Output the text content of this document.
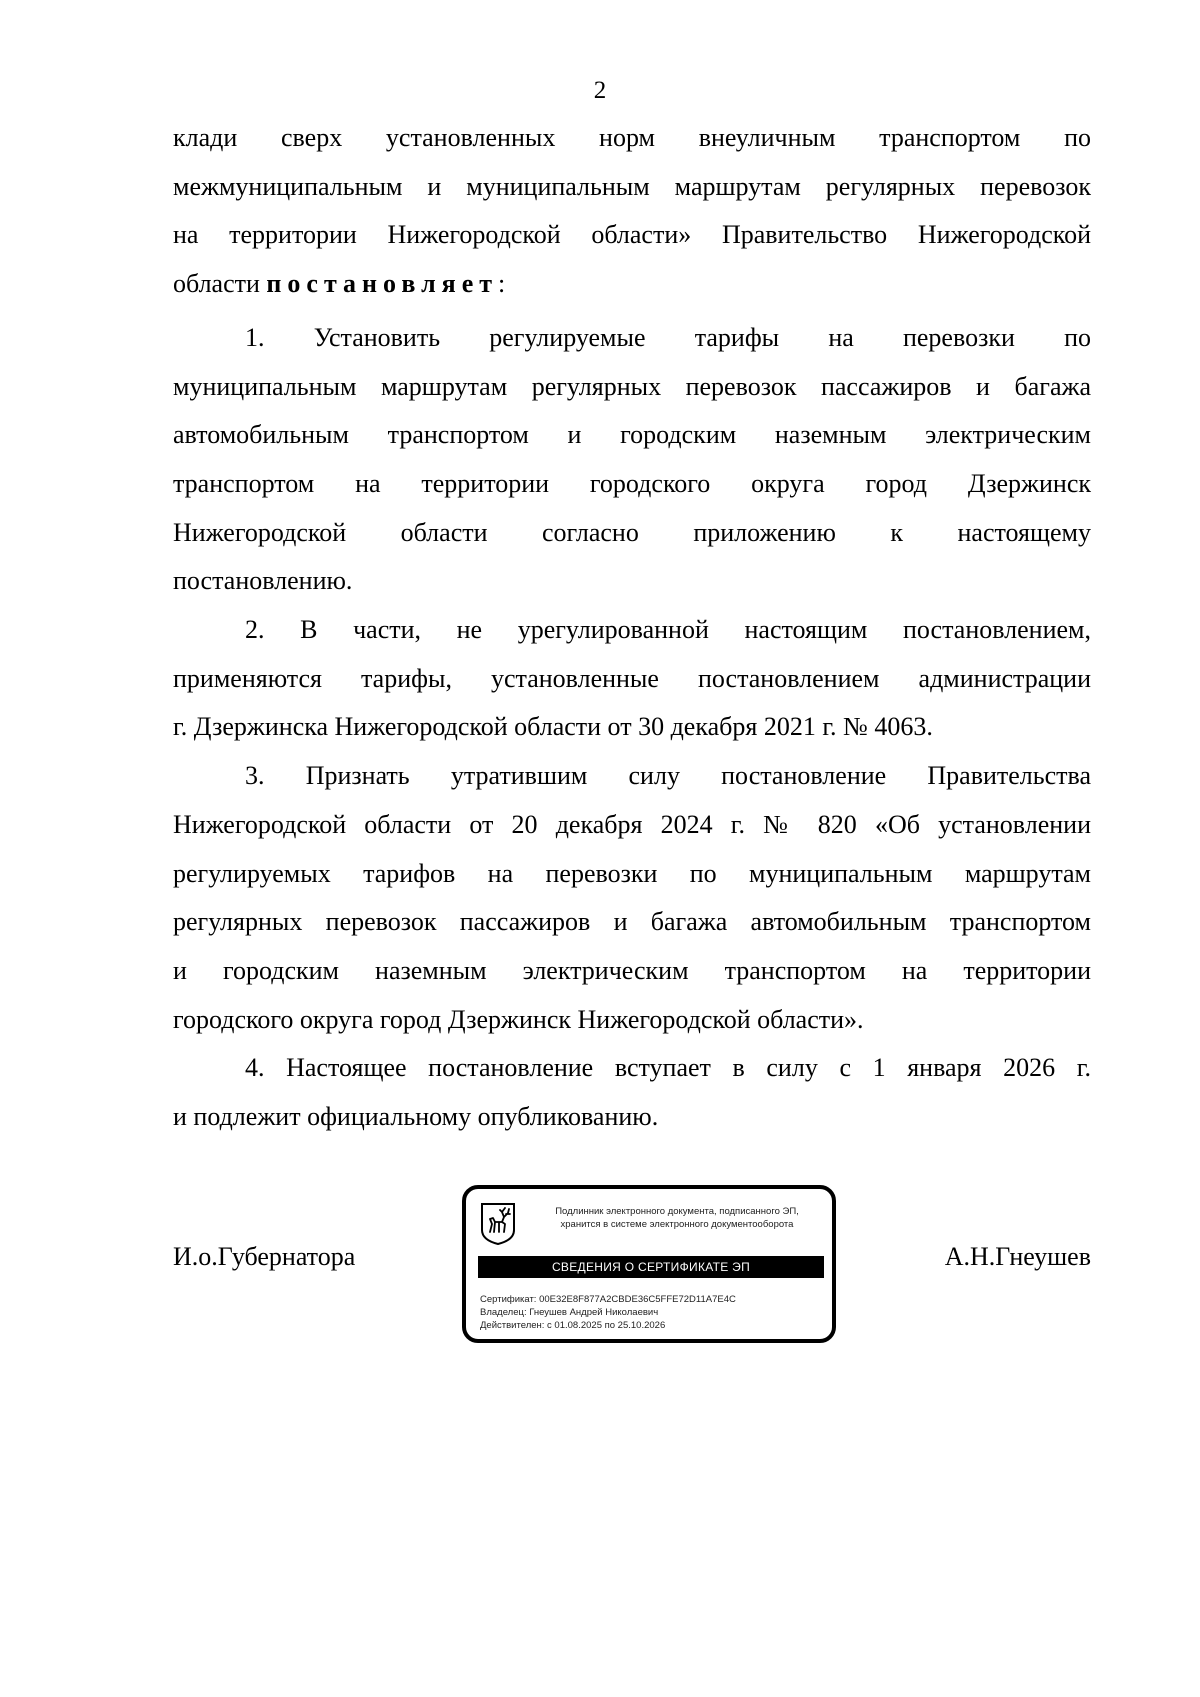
2

клади сверх установленных норм внеуличным транспортом по

межмуниципальным и муниципальным маршрутам регулярных перевозок

на территории Нижегородской области» Правительство Нижегородской

области постановляет:

1. Установить регулируемые тарифы на перевозки по

муниципальным маршрутам регулярных перевозок пассажиров и багажа

автомобильным транспортом и городским наземным электрическим

транспортом на территории городского округа город Дзержинск

Нижегородской области согласно приложению к настоящему

постановлению.

2. В части, не урегулированной настоящим постановлением,

применяются тарифы, установленные постановлением администрации

г. Дзержинска Нижегородской области от 30 декабря 2021 г. № 4063.

3. Признать утратившим силу постановление Правительства

Нижегородской области от 20 декабря 2024 г. № 820 «Об установлении

регулируемых тарифов на перевозки по муниципальным маршрутам

регулярных перевозок пассажиров и багажа автомобильным транспортом

и городским наземным электрическим транспортом на территории

городского округа город Дзержинск Нижегородской области».

4. Настоящее постановление вступает в силу с 1 января 2026 г.

и подлежит официальному опубликованию.

И.о.Губернатора	А.Н.Гнеушев
Подлинник электронного документа, подписанного ЭП,
хранится в системе электронного документооборота
СВЕДЕНИЯ О СЕРТИФИКАТЕ ЭП
Сертификат: 00E32E8F877A2CBDE36C5FFE72D11A7E4C
Владелец: Гнеушев Андрей Николаевич
Действителен: с 01.08.2025 по 25.10.2026
